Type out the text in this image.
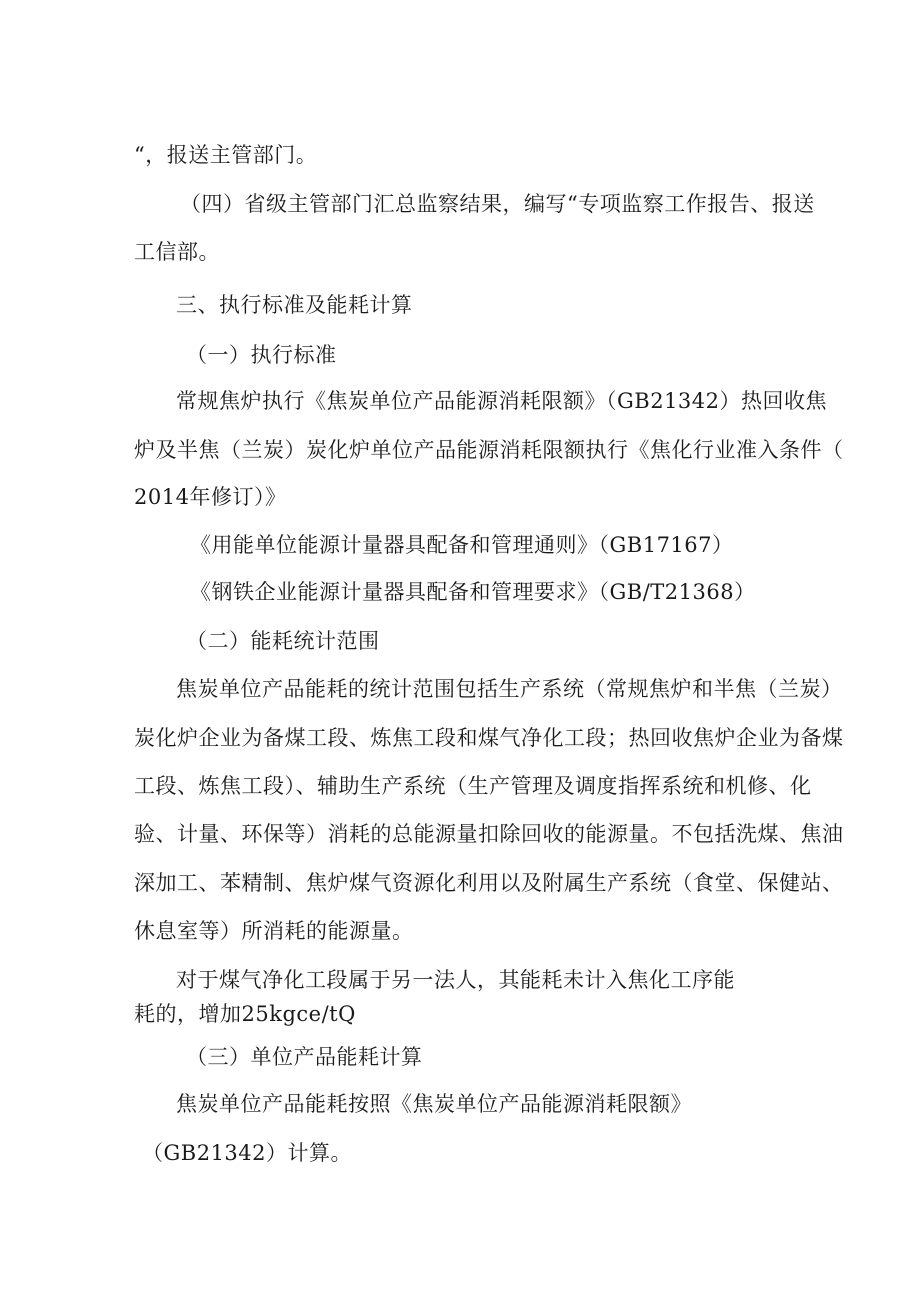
“，报送主管部门。
（四）省级主管部门汇总监察结果，编写“专项监察工作报告、报送
工信部。
三、执行标准及能耗计算
（一）执行标准
常规焦炉执行《焦炭单位产品能源消耗限额》（GB21342）热回收焦
炉及半焦（兰炭）炭化炉单位产品能源消耗限额执行《焦化行业准入条件（
2014年修订）》
《用能单位能源计量器具配备和管理通则》（GB17167）
《钢铁企业能源计量器具配备和管理要求》（GB/T21368）
（二）能耗统计范围
焦炭单位产品能耗的统计范围包括生产系统（常规焦炉和半焦（兰炭）
炭化炉企业为备煤工段、炼焦工段和煤气净化工段；热回收焦炉企业为备煤
工段、炼焦工段）、辅助生产系统（生产管理及调度指挥系统和机修、化
验、计量、环保等）消耗的总能源量扣除回收的能源量。不包括洗煤、焦油
深加工、苯精制、焦炉煤气资源化利用以及附属生产系统（食堂、保健站、
休息室等）所消耗的能源量。
对于煤气净化工段属于另一法人，其能耗未计入焦化工序能
耗的，增加25kgce/tQ
（三）单位产品能耗计算
焦炭单位产品能耗按照《焦炭单位产品能源消耗限额》
（GB21342）计算。
